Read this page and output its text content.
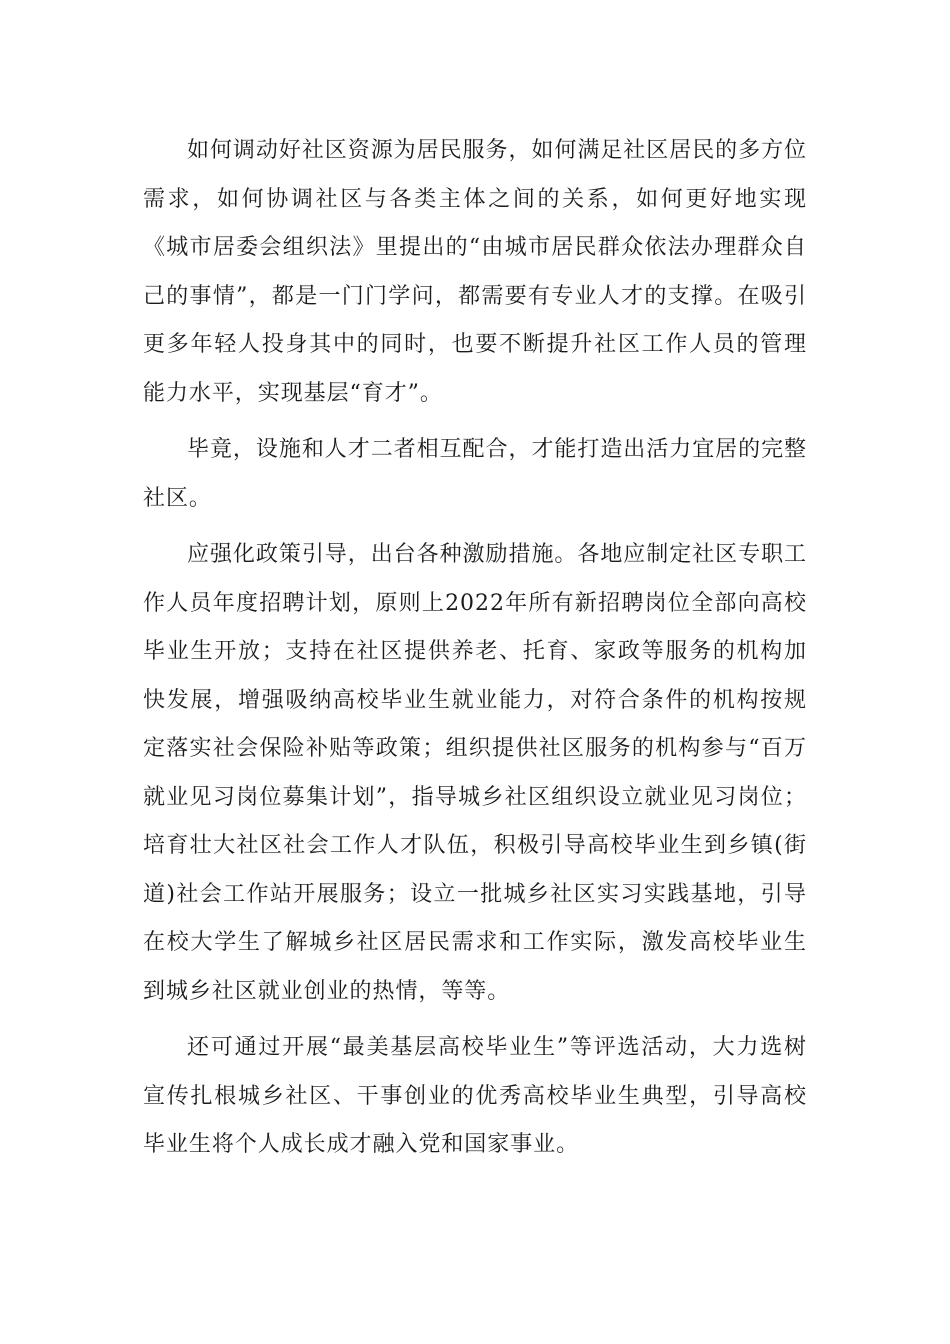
如何调动好社区资源为居民服务，如何满足社区居民的多方位需求，如何协调社区与各类主体之间的关系，如何更好地实现《城市居委会组织法》里提出的“由城市居民群众依法办理群众自己的事情”，都是一门门学问，都需要有专业人才的支撑。在吸引更多年轻人投身其中的同时，也要不断提升社区工作人员的管理能力水平，实现基层“育才”。

毕竟，设施和人才二者相互配合，才能打造出活力宜居的完整社区。

应强化政策引导，出台各种激励措施。各地应制定社区专职工作人员年度招聘计划，原则上2022年所有新招聘岗位全部向高校毕业生开放；支持在社区提供养老、托育、家政等服务的机构加快发展，增强吸纳高校毕业生就业能力，对符合条件的机构按规定落实社会保险补贴等政策；组织提供社区服务的机构参与“百万就业见习岗位募集计划”，指导城乡社区组织设立就业见习岗位；培育壮大社区社会工作人才队伍，积极引导高校毕业生到乡镇(街道)社会工作站开展服务；设立一批城乡社区实习实践基地，引导在校大学生了解城乡社区居民需求和工作实际，激发高校毕业生到城乡社区就业创业的热情，等等。

还可通过开展“最美基层高校毕业生”等评选活动，大力选树宣传扎根城乡社区、干事创业的优秀高校毕业生典型，引导高校毕业生将个人成长成才融入党和国家事业。
